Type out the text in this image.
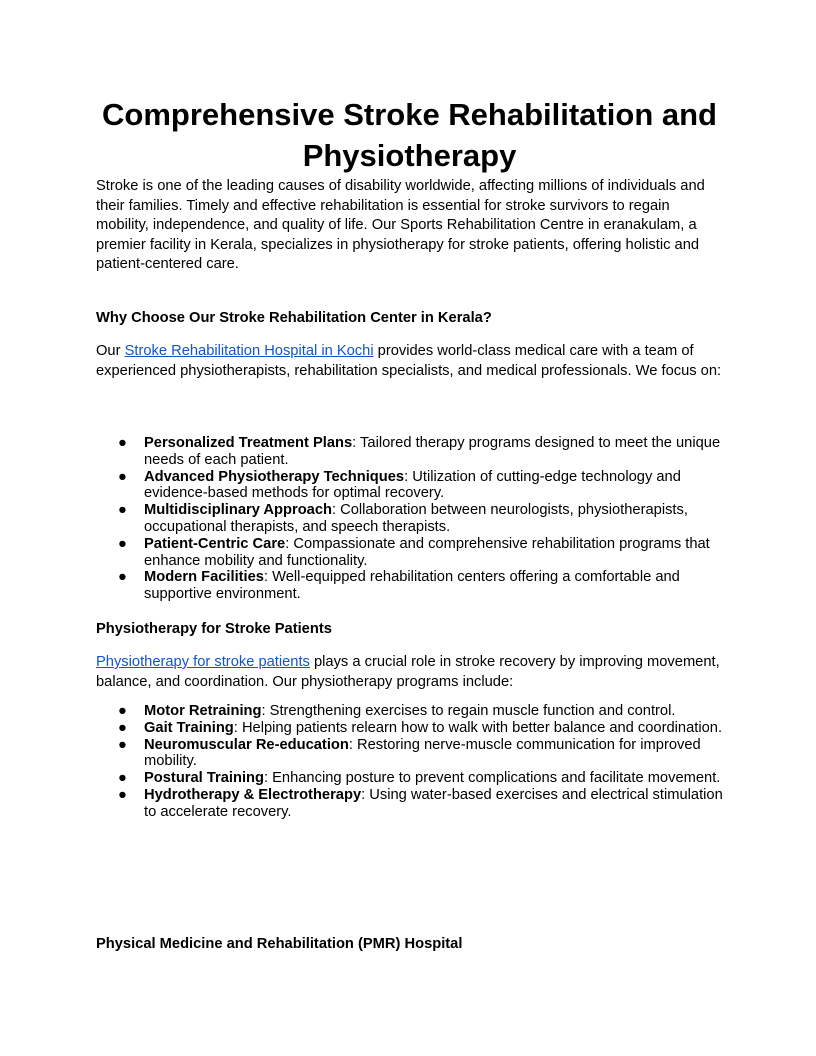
Comprehensive Stroke Rehabilitation and Physiotherapy

Stroke is one of the leading causes of disability worldwide, affecting millions of individuals and their families. Timely and effective rehabilitation is essential for stroke survivors to regain mobility, independence, and quality of life. Our Sports Rehabilitation Centre in eranakulam, a premier facility in Kerala, specializes in physiotherapy for stroke patients, offering holistic and patient-centered care.

Why Choose Our Stroke Rehabilitation Center in Kerala?

Our Stroke Rehabilitation Hospital in Kochi provides world-class medical care with a team of experienced physiotherapists, rehabilitation specialists, and medical professionals. We focus on:

● Personalized Treatment Plans: Tailored therapy programs designed to meet the unique needs of each patient.
● Advanced Physiotherapy Techniques: Utilization of cutting-edge technology and evidence-based methods for optimal recovery.
● Multidisciplinary Approach: Collaboration between neurologists, physiotherapists, occupational therapists, and speech therapists.
● Patient-Centric Care: Compassionate and comprehensive rehabilitation programs that enhance mobility and functionality.
● Modern Facilities: Well-equipped rehabilitation centers offering a comfortable and supportive environment.

Physiotherapy for Stroke Patients

Physiotherapy for stroke patients plays a crucial role in stroke recovery by improving movement, balance, and coordination. Our physiotherapy programs include:

● Motor Retraining: Strengthening exercises to regain muscle function and control.
● Gait Training: Helping patients relearn how to walk with better balance and coordination.
● Neuromuscular Re-education: Restoring nerve-muscle communication for improved mobility.
● Postural Training: Enhancing posture to prevent complications and facilitate movement.
● Hydrotherapy & Electrotherapy: Using water-based exercises and electrical stimulation to accelerate recovery.

Physical Medicine and Rehabilitation (PMR) Hospital
